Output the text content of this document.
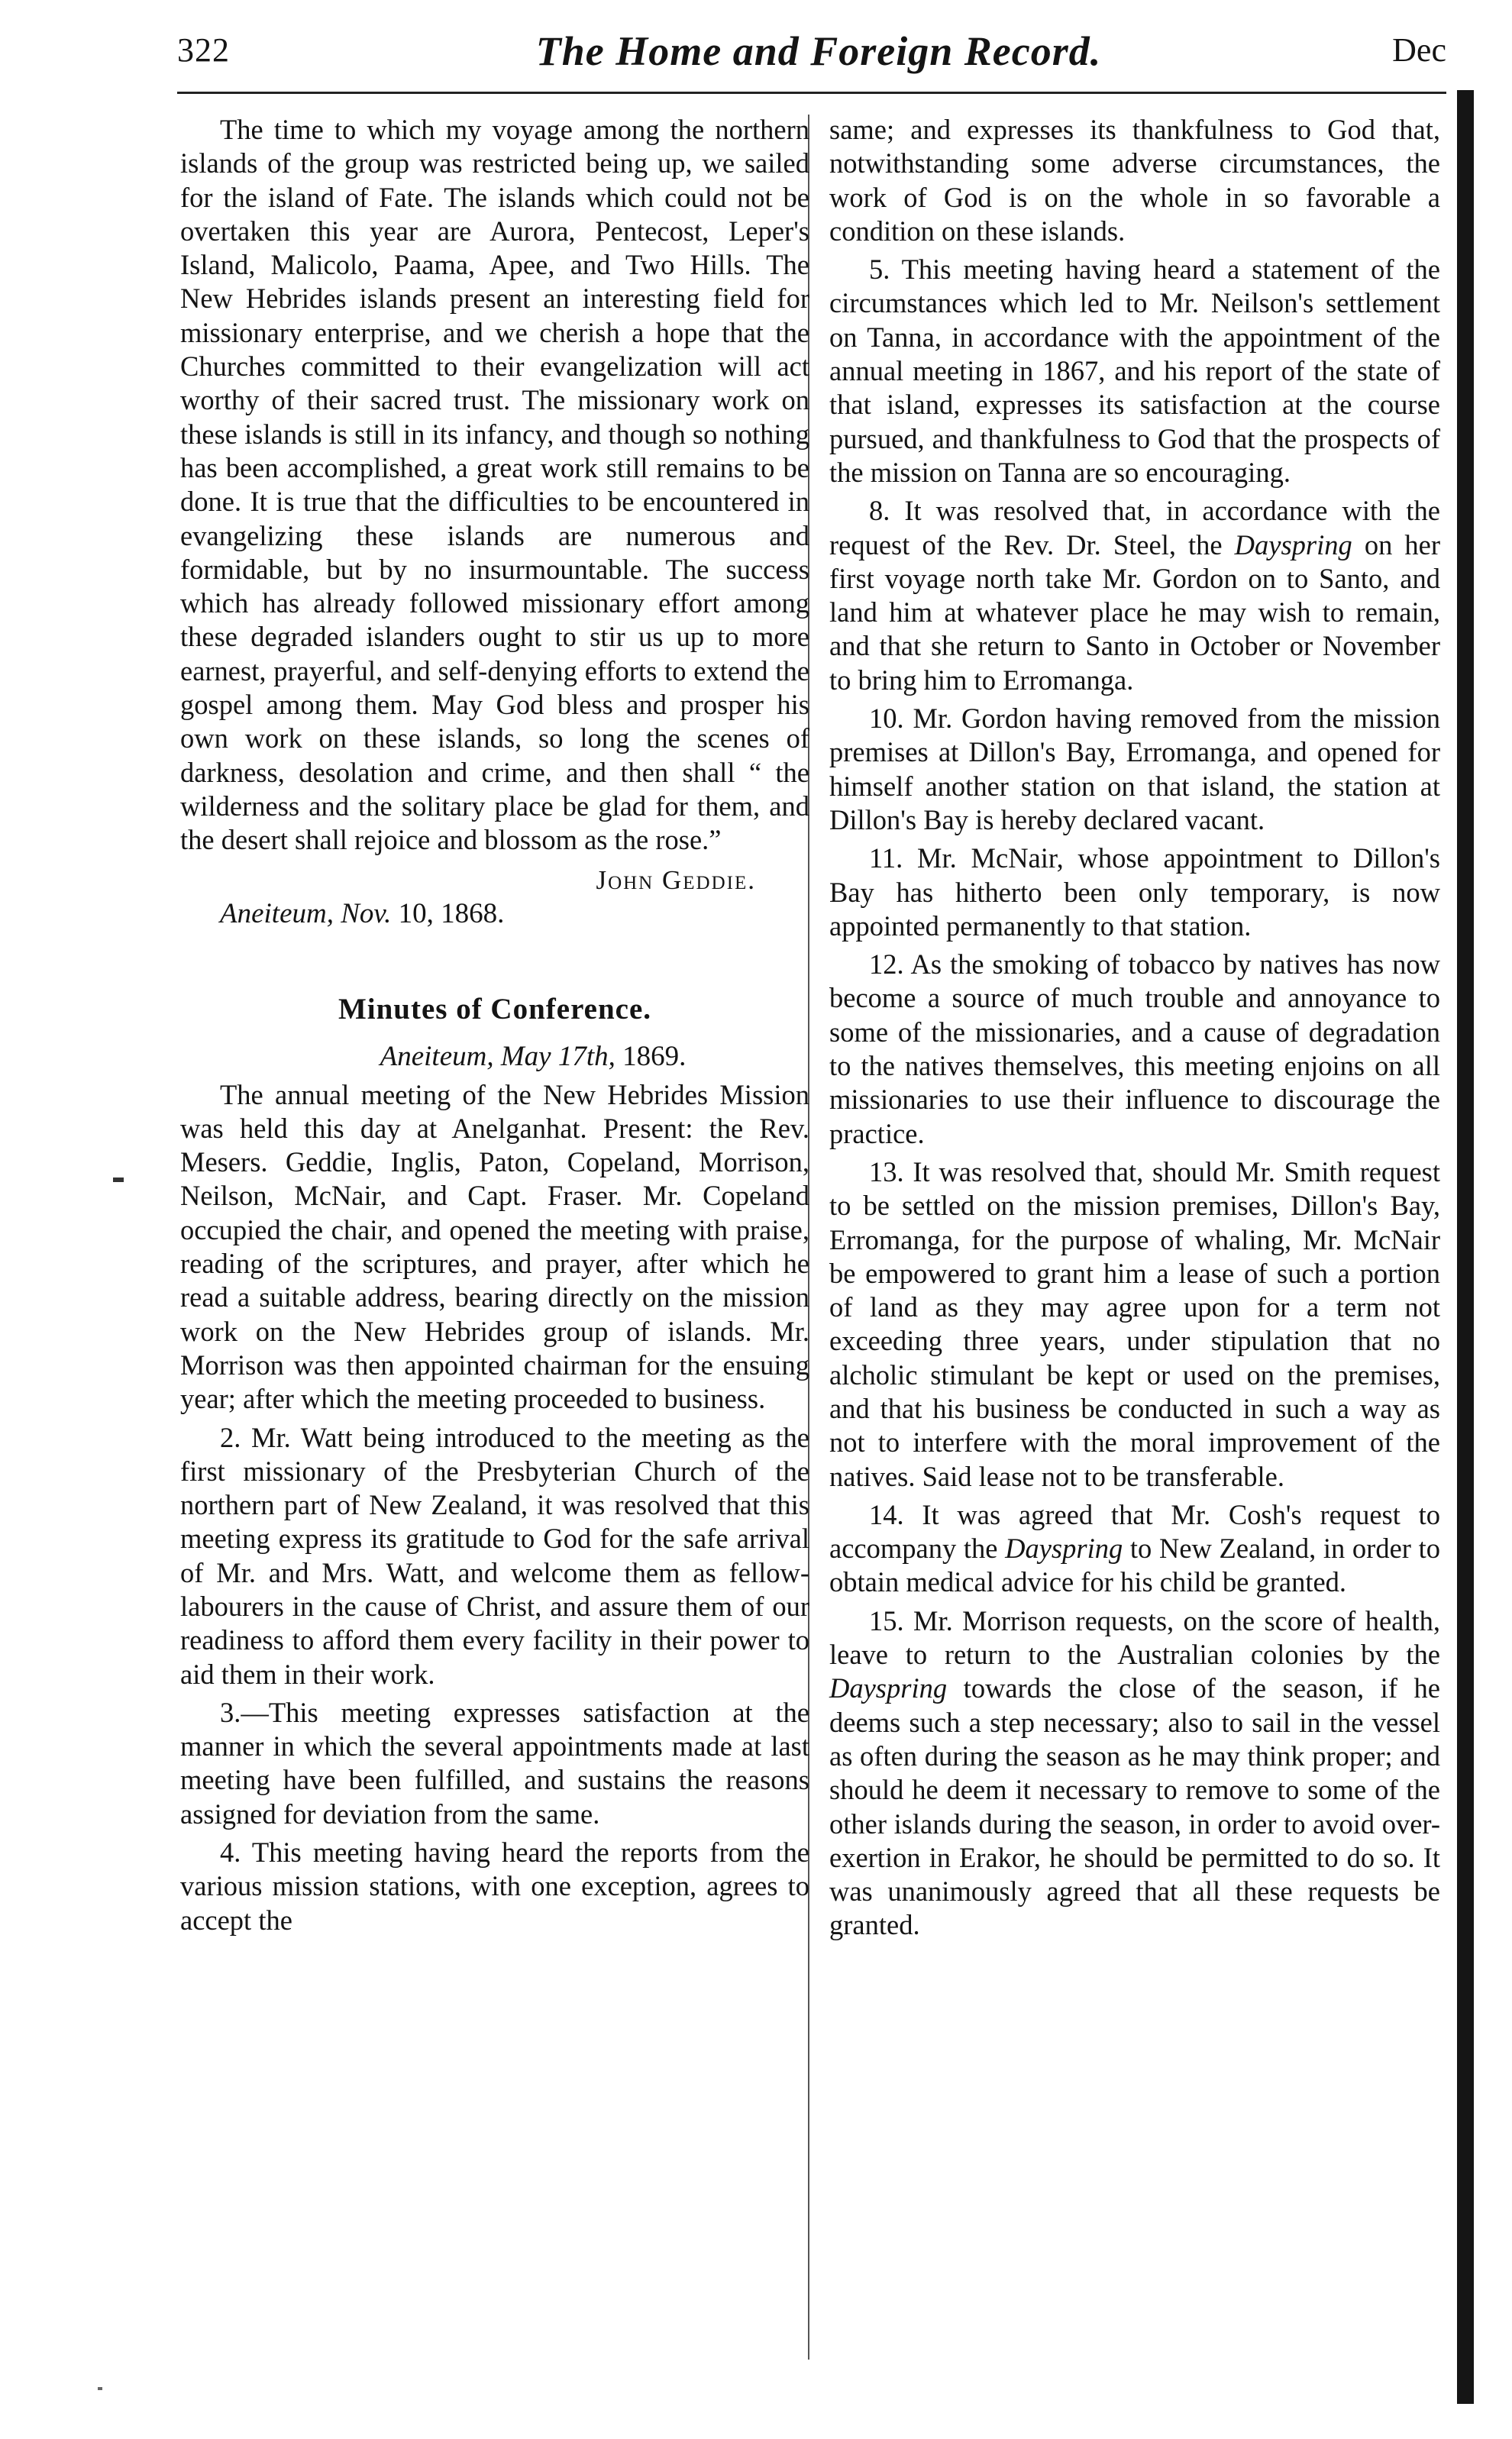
322	The Home and Foreign Record.	Dec

The time to which my voyage among the northern islands of the group was restricted being up, we sailed for the island of Fate. The islands which could not be overtaken this year are Aurora, Pentecost, Leper's Island, Malicolo, Paama, Apee, and Two Hills. The New Hebrides islands present an interesting field for missionary enterprise, and we cherish a hope that the Churches committed to their evangelization will act worthy of their sacred trust. The missionary work on these islands is still in its infancy, and though so nothing has been accomplished, a great work still remains to be done. It is true that the difficulties to be encountered in evangelizing these islands are numerous and formidable, but by no insurmountable. The success which has already followed missionary effort among these degraded islanders ought to stir us up to more earnest, prayerful, and self-denying efforts to extend the gospel among them. May God bless and prosper his own work on these islands, so long the scenes of darkness, desolation and crime, and then shall “ the wilderness and the solitary place be glad for them, and the desert shall rejoice and blossom as the rose.”

John Geddie.
Aneiteum, Nov. 10, 1868.
Minutes of Conference.
Aneiteum, May 17th, 1869.

The annual meeting of the New Hebrides Mission was held this day at Anelganhat. Present: the Rev. Mesers. Geddie, Inglis, Paton, Copeland, Morrison, Neilson, McNair, and Capt. Fraser. Mr. Copeland occupied the chair, and opened the meeting with praise, reading of the scriptures, and prayer, after which he read a suitable address, bearing directly on the mission work on the New Hebrides group of islands. Mr. Morrison was then appointed chairman for the ensuing year; after which the meeting proceeded to business.

2. Mr. Watt being introduced to the meeting as the first missionary of the Presbyterian Church of the northern part of New Zealand, it was resolved that this meeting express its gratitude to God for the safe arrival of Mr. and Mrs. Watt, and welcome them as fellow-labourers in the cause of Christ, and assure them of our readiness to afford them every facility in their power to aid them in their work.

3.—This meeting expresses satisfaction at the manner in which the several appointments made at last meeting have been fulfilled, and sustains the reasons assigned for deviation from the same.

4. This meeting having heard the reports from the various mission stations, with one exception, agrees to accept the

same; and expresses its thankfulness to God that, notwithstanding some adverse circumstances, the work of God is on the whole in so favorable a condition on these islands.

5. This meeting having heard a statement of the circumstances which led to Mr. Neilson's settlement on Tanna, in accordance with the appointment of the annual meeting in 1867, and his report of the state of that island, expresses its satisfaction at the course pursued, and thankfulness to God that the prospects of the mission on Tanna are so encouraging.

8. It was resolved that, in accordance with the request of the Rev. Dr. Steel, the Dayspring on her first voyage north take Mr. Gordon on to Santo, and land him at whatever place he may wish to remain, and that she return to Santo in October or November to bring him to Erromanga.

10. Mr. Gordon having removed from the mission premises at Dillon's Bay, Erromanga, and opened for himself another station on that island, the station at Dillon's Bay is hereby declared vacant.

11. Mr. McNair, whose appointment to Dillon's Bay has hitherto been only temporary, is now appointed permanently to that station.

12. As the smoking of tobacco by natives has now become a source of much trouble and annoyance to some of the missionaries, and a cause of degradation to the natives themselves, this meeting enjoins on all missionaries to use their influence to discourage the practice.

13. It was resolved that, should Mr. Smith request to be settled on the mission premises, Dillon's Bay, Erromanga, for the purpose of whaling, Mr. McNair be empowered to grant him a lease of such a portion of land as they may agree upon for a term not exceeding three years, under stipulation that no alcholic stimulant be kept or used on the premises, and that his business be conducted in such a way as not to interfere with the moral improvement of the natives. Said lease not to be transferable.

14. It was agreed that Mr. Cosh's request to accompany the Dayspring to New Zealand, in order to obtain medical advice for his child be granted.

15. Mr. Morrison requests, on the score of health, leave to return to the Australian colonies by the Dayspring towards the close of the season, if he deems such a step necessary; also to sail in the vessel as often during the season as he may think proper; and should he deem it necessary to remove to some of the other islands during the season, in order to avoid over-exertion in Erakor, he should be permitted to do so. It was unanimously agreed that all these requests be granted.
